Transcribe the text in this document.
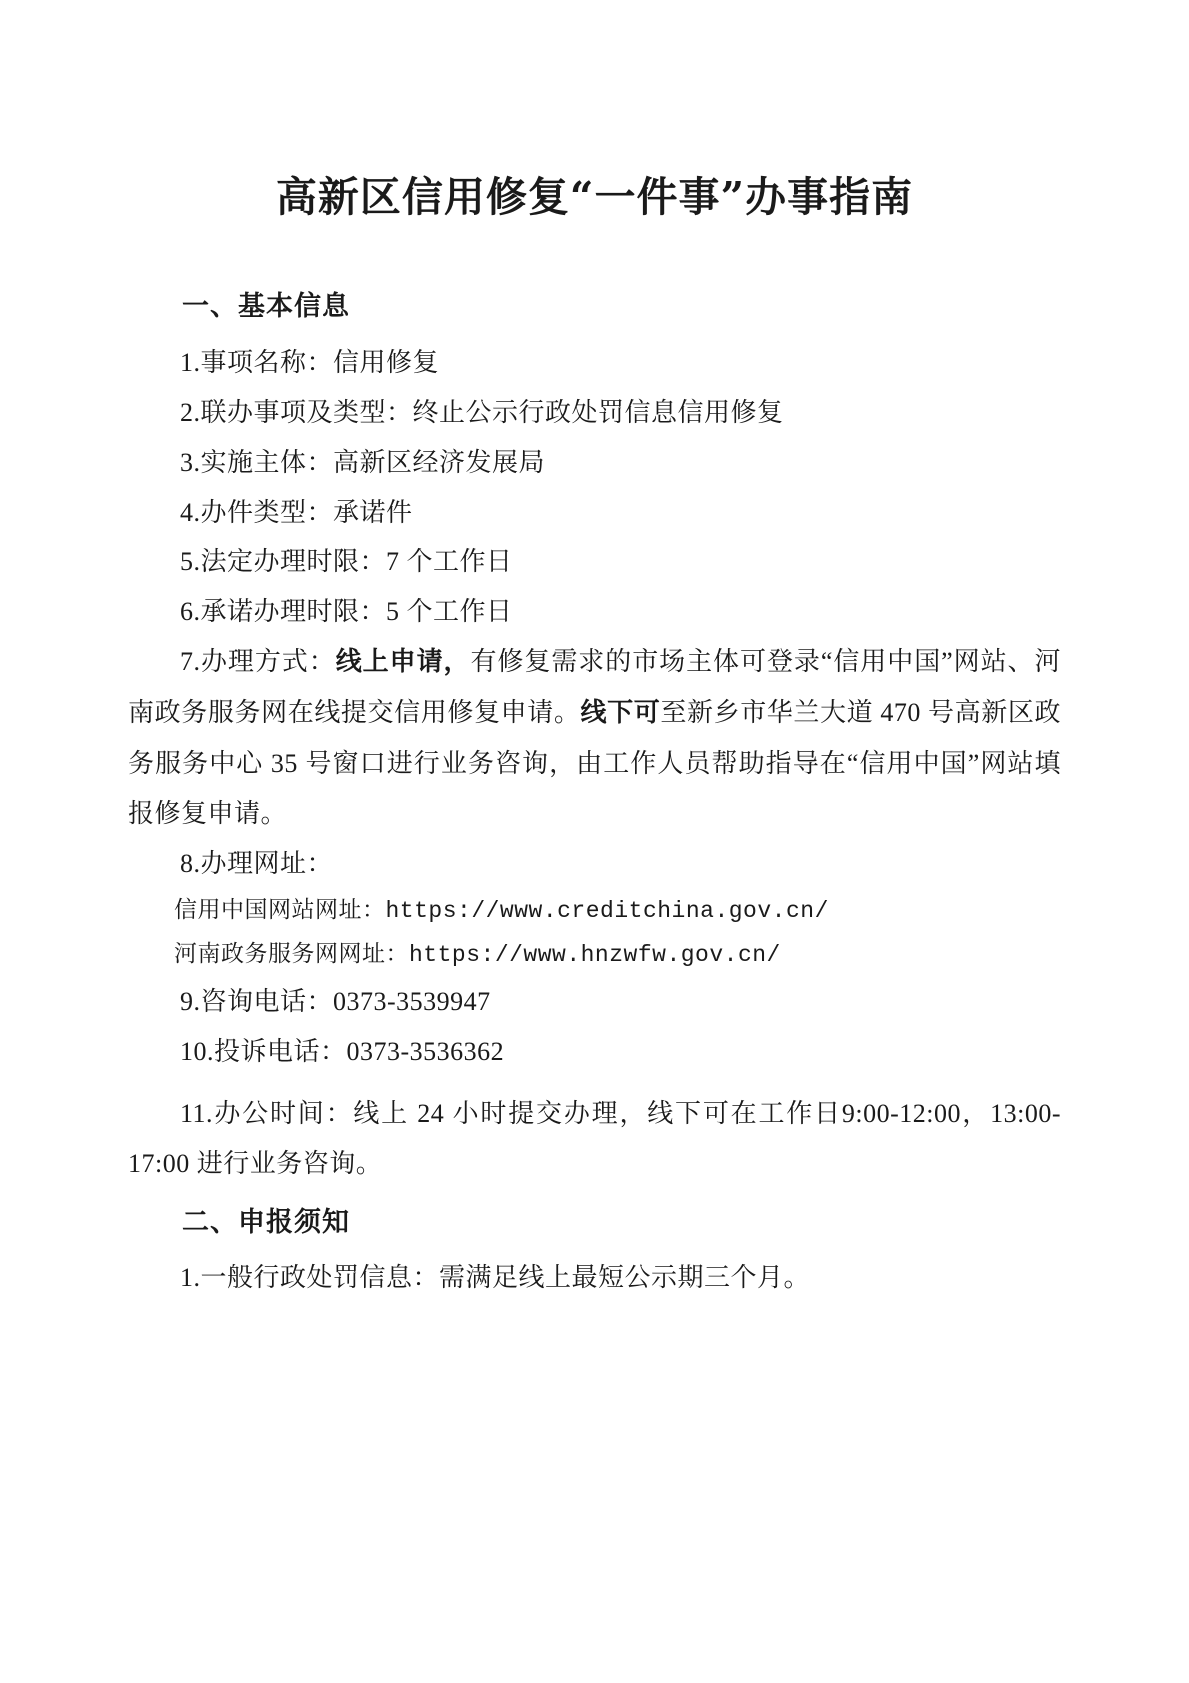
高新区信用修复“一件事”办事指南
一、基本信息

1.事项名称：信用修复

2.联办事项及类型：终止公示行政处罚信息信用修复

3.实施主体：高新区经济发展局

4.办件类型：承诺件

5.法定办理时限：7 个工作日

6.承诺办理时限：5 个工作日

7.办理方式：线上申请，有修复需求的市场主体可登录“信用中国”网站、河南政务服务网在线提交信用修复申请。线下可至新乡市华兰大道 470 号高新区政务服务中心 35 号窗口进行业务咨询，由工作人员帮助指导在“信用中国”网站填报修复申请。

8.办理网址：

信用中国网站网址：https://www.creditchina.gov.cn/

河南政务服务网网址：https://www.hnzwfw.gov.cn/

9.咨询电话：0373-3539947

10.投诉电话：0373-3536362

11.办公时间：线上 24 小时提交办理，线下可在工作日9:00-12:00，13:00-17:00 进行业务咨询。

二、申报须知

1.一般行政处罚信息：需满足线上最短公示期三个月。
